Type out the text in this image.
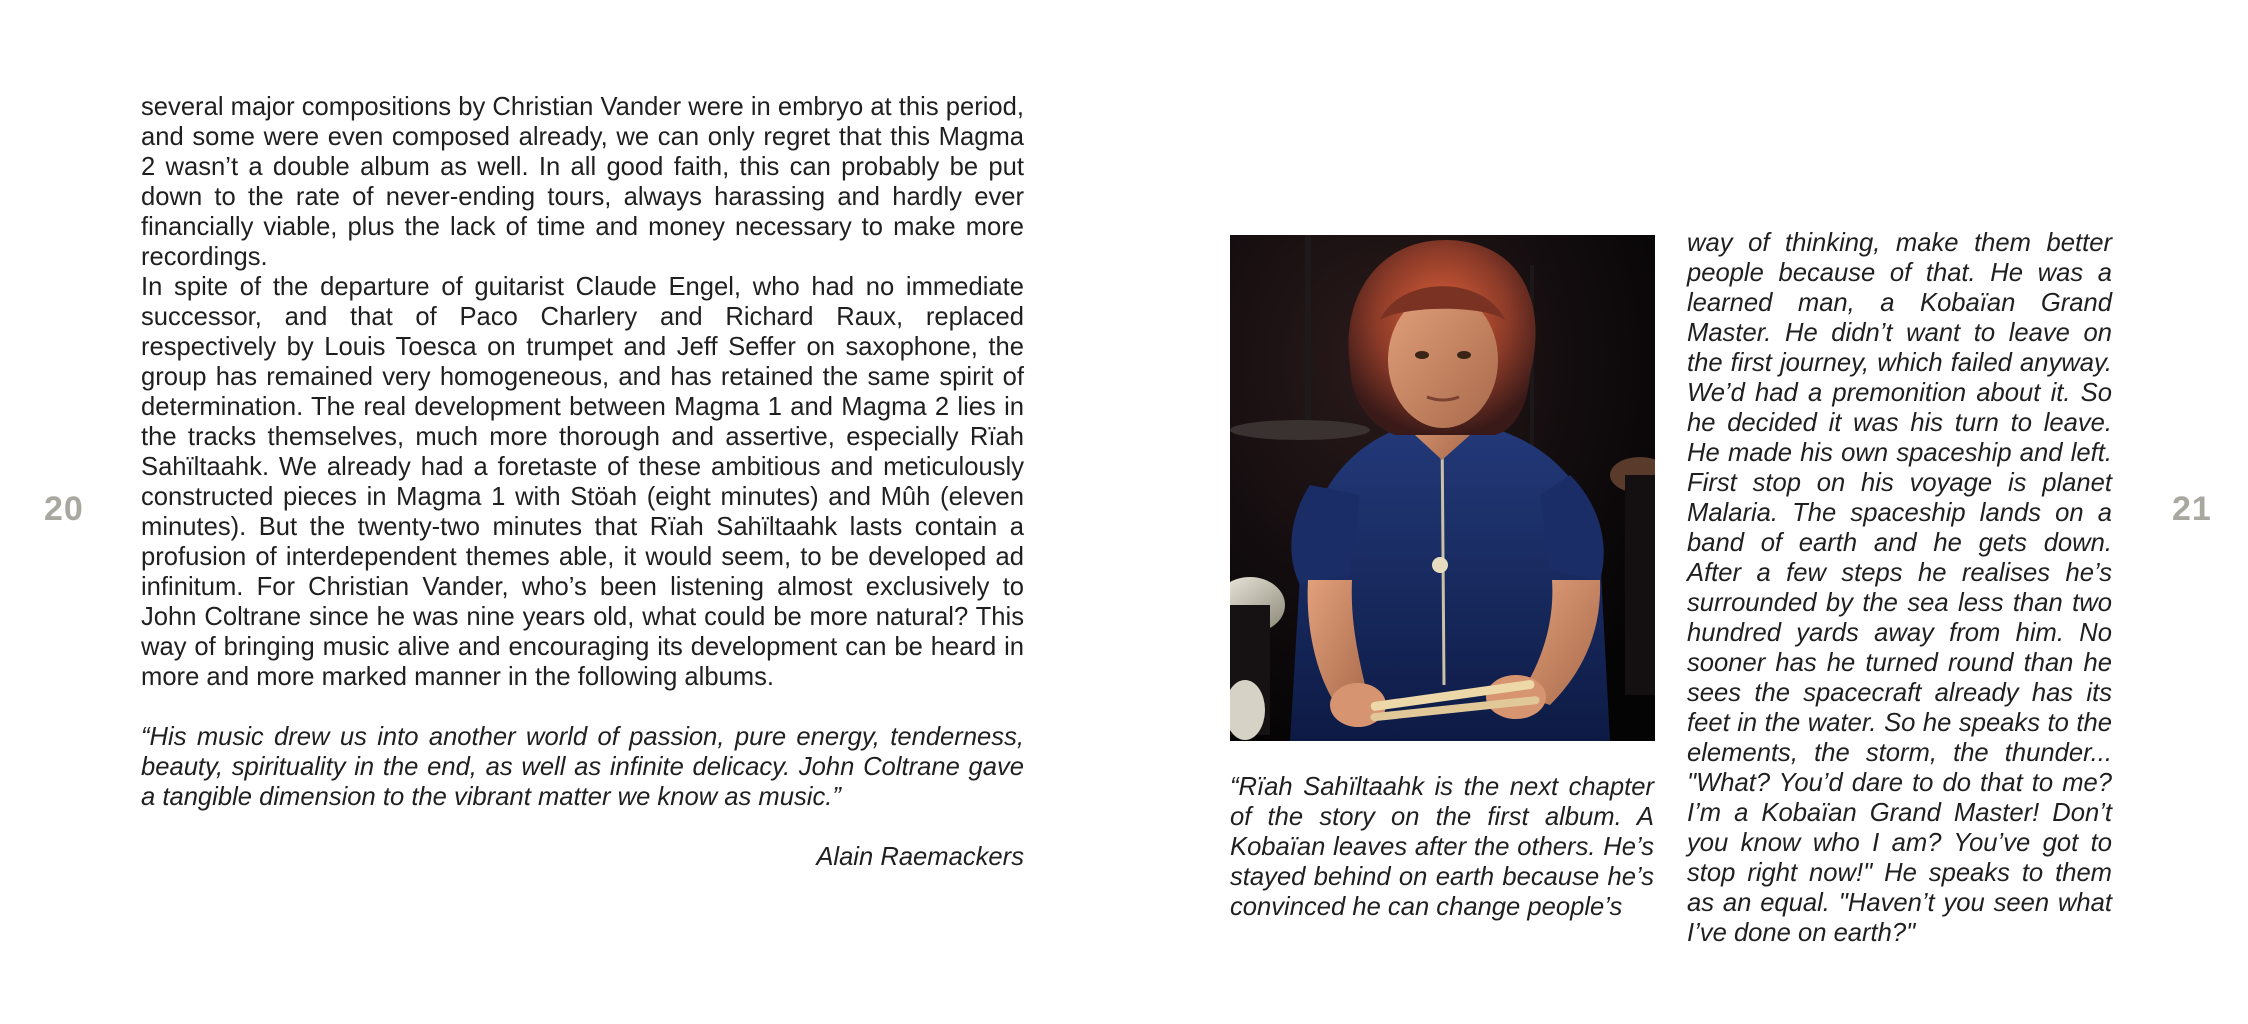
20	21

several major compositions by Christian Vander were in embryo at this period, and some were even composed already, we can only regret that this Magma 2 wasn’t a double album as well. In all good faith, this can probably be put down to the rate of never-ending tours, always harassing and hardly ever financially viable, plus the lack of time and money necessary to make more recordings.

In spite of the departure of guitarist Claude Engel, who had no immediate successor, and that of Paco Charlery and Richard Raux, replaced respectively by Louis Toesca on trumpet and Jeff Seffer on saxophone, the group has remained very homogeneous, and has retained the same spirit of determination. The real development between Magma 1 and Magma 2 lies in the tracks themselves, much more thorough and assertive, especially Rïah Sahïltaahk. We already had a foretaste of these ambitious and meticulously constructed pieces in Magma 1 with Stöah (eight minutes) and Mûh (eleven minutes). But the twenty-two minutes that Rïah Sahïltaahk lasts contain a profusion of interdependent themes able, it would seem, to be developed ad infinitum. For Christian Vander, who’s been listening almost exclusively to John Coltrane since he was nine years old, what could be more natural? This way of bringing music alive and encouraging its development can be heard in more and more marked manner in the following albums.

“His music drew us into another world of passion, pure energy, tenderness, beauty, spirituality in the end, as well as infinite delicacy. John Coltrane gave a tangible dimension to the vibrant matter we know as music.”

Alain Raemackers

“Rïah Sahïltaahk is the next chapter of the story on the first album. A Kobaïan leaves after the others. He’s stayed behind on earth because he’s convinced he can change people’s

way of thinking, make them better people because of that. He was a learned man, a Kobaïan Grand Master. He didn’t want to leave on the first journey, which failed anyway. We’d had a premonition about it. So he decided it was his turn to leave. He made his own spaceship and left. First stop on his voyage is planet Malaria. The spaceship lands on a band of earth and he gets down. After a few steps he realises he’s surrounded by the sea less than two hundred yards away from him. No sooner has he turned round than he sees the spacecraft already has its feet in the water. So he speaks to the elements, the storm, the thunder... "What? You’d dare to do that to me? I’m a Kobaïan Grand Master! Don’t you know who I am? You’ve got to stop right now!" He speaks to them as an equal. "Haven’t you seen what I’ve done on earth?"
